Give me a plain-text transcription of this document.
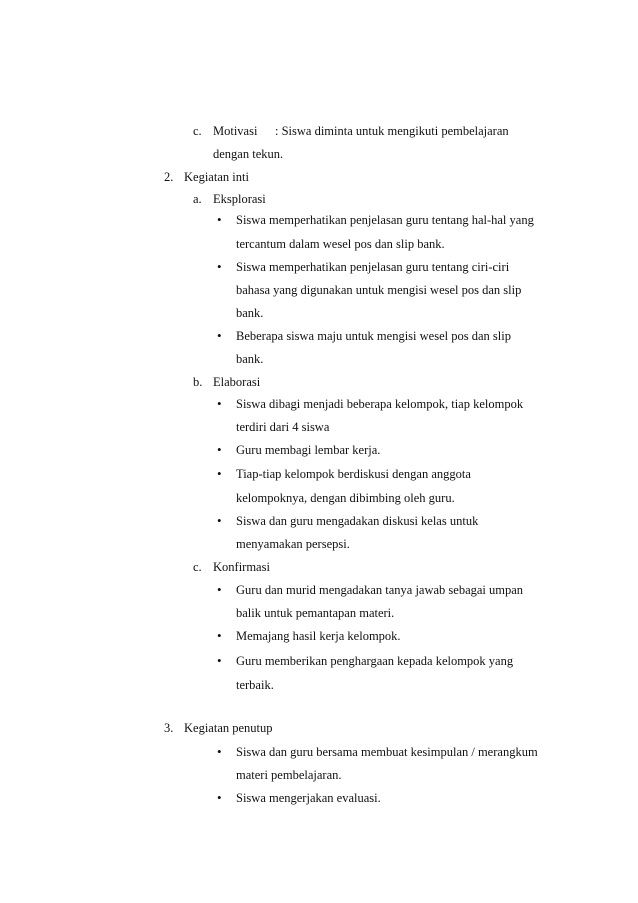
c. Motivasi : Siswa diminta untuk mengikuti pembelajaran
dengan tekun.
2. Kegiatan inti
a. Eksplorasi
• Siswa memperhatikan penjelasan guru tentang hal-hal yang
tercantum dalam wesel pos dan slip bank.
• Siswa memperhatikan penjelasan guru tentang ciri-ciri
bahasa yang digunakan untuk mengisi wesel pos dan slip
bank.
• Beberapa siswa maju untuk mengisi wesel pos dan slip
bank.
b. Elaborasi
• Siswa dibagi menjadi beberapa kelompok, tiap kelompok
terdiri dari 4 siswa
• Guru membagi lembar kerja.
• Tiap-tiap kelompok berdiskusi dengan anggota
kelompoknya, dengan dibimbing oleh guru.
• Siswa dan guru mengadakan diskusi kelas untuk
menyamakan persepsi.
c. Konfirmasi
• Guru dan murid mengadakan tanya jawab sebagai umpan
balik untuk pemantapan materi.
• Memajang hasil kerja kelompok.
• Guru memberikan penghargaan kepada kelompok yang
terbaik.
3. Kegiatan penutup
• Siswa dan guru bersama membuat kesimpulan / merangkum
materi pembelajaran.
• Siswa mengerjakan evaluasi.
